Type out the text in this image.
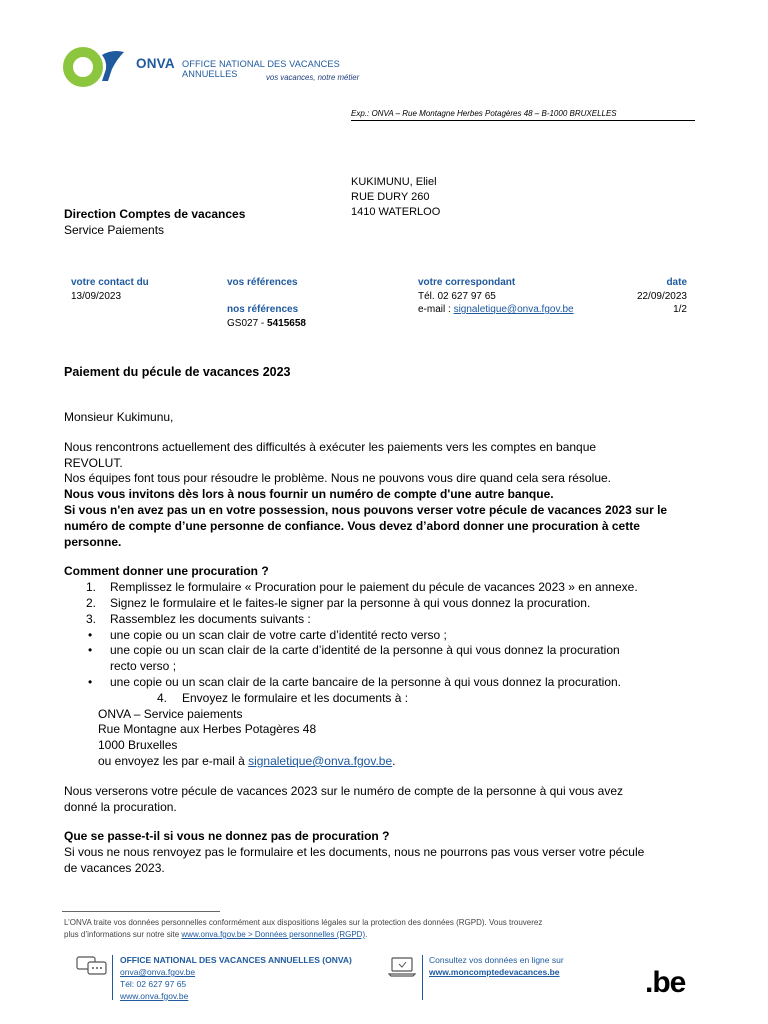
ONVA OFFICE NATIONAL DES VACANCES ANNUELLES	vos vacances, notre métier
Exp.: ONVA – Rue Montagne Herbes Potagères 48 – B-1000 BRUXELLES
KUKIMUNU, Eliel
RUE DURY 260
1410 WATERLOO
Direction Comptes de vacances
Service Paiements
votre contact du
13/09/2023
vos références
nos références
GS027 - 5415658
votre correspondant
Tél. 02 627 97 65
e-mail : signaletique@onva.fgov.be
date
22/09/2023
1/2
Paiement du pécule de vacances 2023

Monsieur Kukimunu,

Nous rencontrons actuellement des difficultés à exécuter les paiements vers les comptes en banque

REVOLUT.

Nos équipes font tous pour résoudre le problème. Nous ne pouvons vous dire quand cela sera résolue.

Nous vous invitons dès lors à nous fournir un numéro de compte d'une autre banque.

Si vous n'en avez pas un en votre possession, nous pouvons verser votre pécule de vacances 2023 sur le

numéro de compte d’une personne de confiance. Vous devez d’abord donner une procuration à cette

personne.

Comment donner une procuration ?

1. Remplissez le formulaire « Procuration pour le paiement du pécule de vacances 2023 » en annexe.

2. Signez le formulaire et le faites-le signer par la personne à qui vous donnez la procuration.

3. Rassemblez les documents suivants :

• une copie ou un scan clair de votre carte d’identité recto verso ;

• une copie ou un scan clair de la carte d’identité de la personne à qui vous donnez la procuration

recto verso ;

• une copie ou un scan clair de la carte bancaire de la personne à qui vous donnez la procuration.

4. Envoyez le formulaire et les documents à :

ONVA – Service paiements

Rue Montagne aux Herbes Potagères 48

1000 Bruxelles

ou envoyez les par e-mail à signaletique@onva.fgov.be.

Nous verserons votre pécule de vacances 2023 sur le numéro de compte de la personne à qui vous avez

donné la procuration.

Que se passe-t-il si vous ne donnez pas de procuration ?

Si vous ne nous renvoyez pas le formulaire et les documents, nous ne pourrons pas vous verser votre pécule

de vacances 2023.

L’ONVA traite vos données personnelles conformément aux dispositions légales sur la protection des données (RGPD). Vous trouverez
plus d’informations sur notre site www.onva.fgov.be > Données personnelles (RGPD).
OFFICE NATIONAL DES VACANCES ANNUELLES (ONVA)
onva@onva.fgov.be
Tél: 02 627 97 65
www.onva.fgov.be
Consultez vos données en ligne sur
www.moncomptedevacances.be	.be
